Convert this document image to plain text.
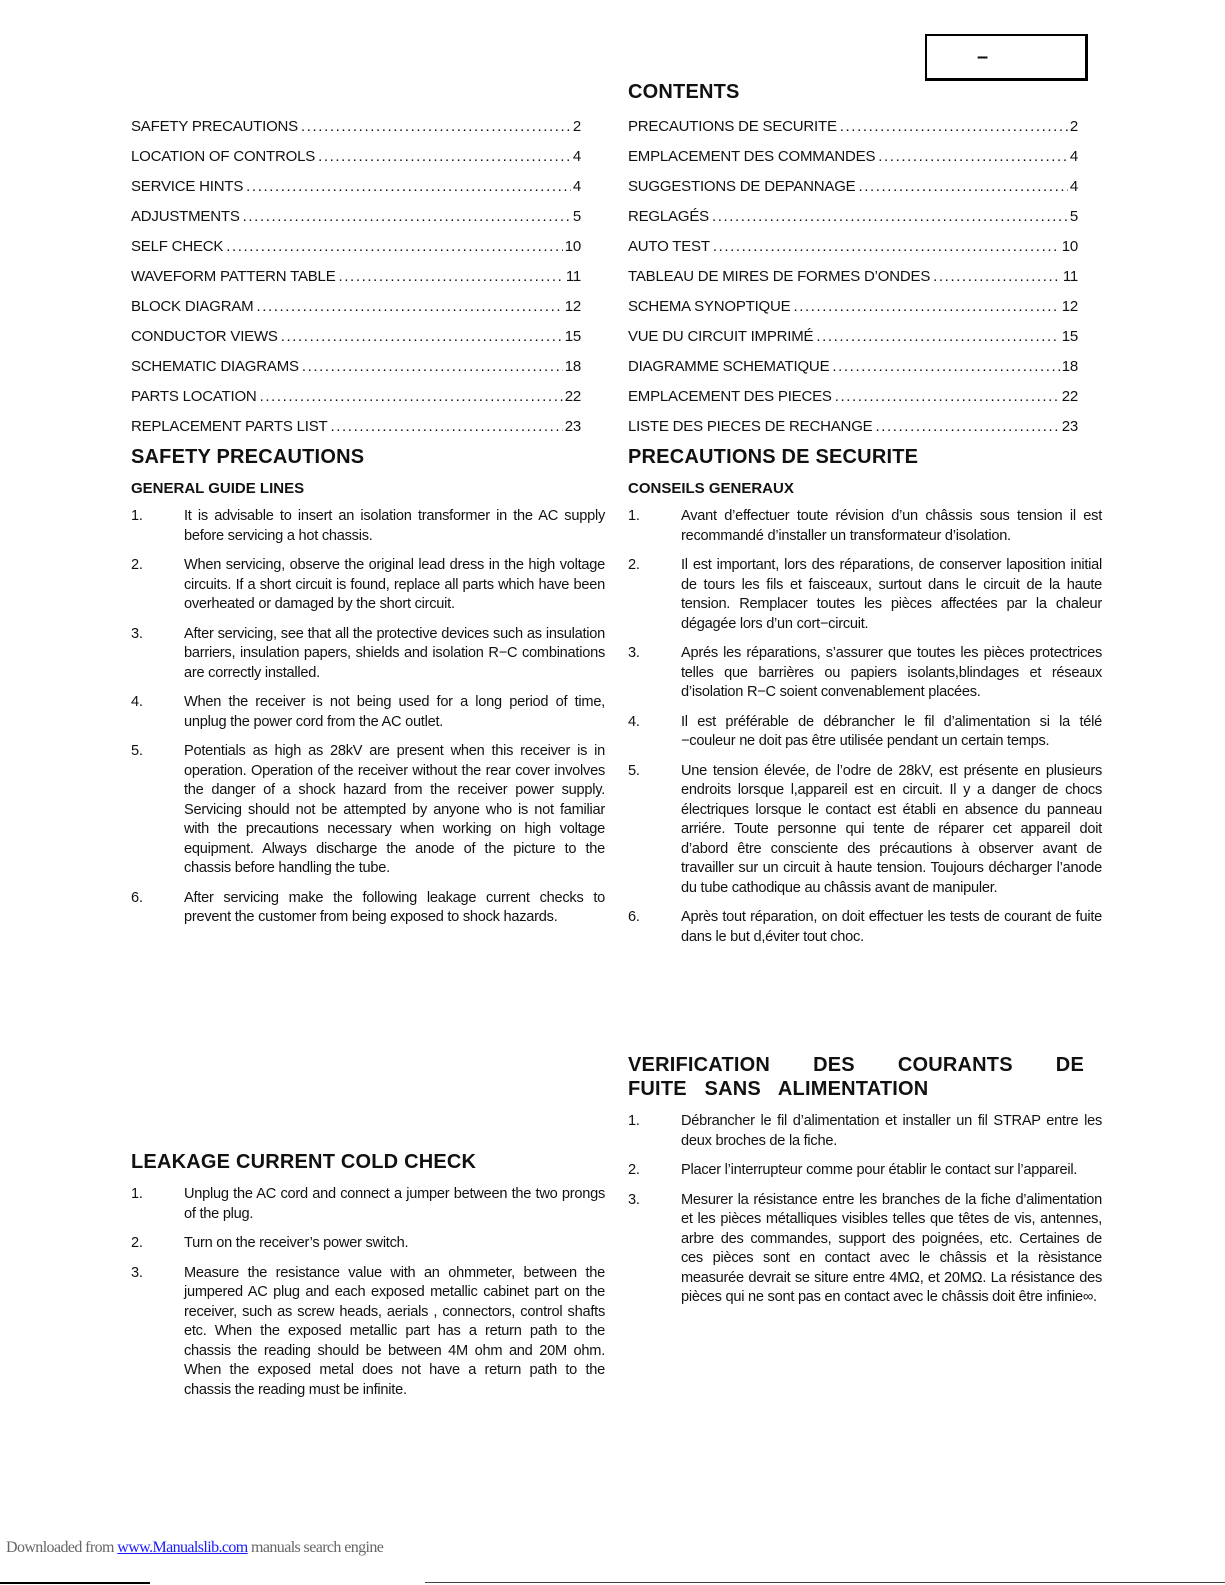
–
CONTENTS
SAFETY PRECAUTIONS .....	2
LOCATION OF CONTROLS .....	4
SERVICE HINTS .....	4
ADJUSTMENTS .....	5
SELF CHECK .....	10
WAVEFORM PATTERN TABLE .....	11
BLOCK DIAGRAM .....	12
CONDUCTOR VIEWS .....	15
SCHEMATIC DIAGRAMS .....	18
PARTS LOCATION .....	22
REPLACEMENT PARTS LIST .....	23
PRECAUTIONS DE SECURITE .....	2
EMPLACEMENT DES COMMANDES .....	4
SUGGESTIONS DE DEPANNAGE .....	4
REGLAGÉS .....	5
AUTO TEST .....	10
TABLEAU DE MIRES DE FORMES D’ONDES .....	11
SCHEMA SYNOPTIQUE .....	12
VUE DU CIRCUIT IMPRIMÉ .....	15
DIAGRAMME SCHEMATIQUE .....	18
EMPLACEMENT DES PIECES .....	22
LISTE DES PIECES DE RECHANGE .....	23
SAFETY PRECAUTIONS
GENERAL GUIDE LINES
1.	It is advisable to insert an isolation transformer in the AC supply before servicing a hot chassis.
2.	When servicing, observe the original lead dress in the high voltage circuits. If a short circuit is found, replace all parts which have been overheated or damaged by the short circuit.
3.	After servicing, see that all the protective devices such as insulation barriers, insulation papers, shields and isolation R−C combinations are correctly installed.
4.	When the receiver is not being used for a long period of time, unplug the power cord from the AC outlet.
5.	Potentials as high as 28kV are present when this receiver is in operation. Operation of the receiver without the rear cover involves the danger of a shock hazard from the receiver power supply. Servicing should not be attempted by anyone who is not familiar with the precautions necessary when working on high voltage equipment. Always discharge the anode of the picture to the chassis before handling the tube.
6.	After servicing make the following leakage current checks to prevent the customer from being exposed to shock hazards.
LEAKAGE CURRENT COLD CHECK
1.	Unplug the AC cord and connect a jumper between the two prongs of the plug.
2.	Turn on the receiver’s power switch.
3.	Measure the resistance value with an ohmmeter, between the jumpered AC plug and each exposed metallic cabinet part on the receiver, such as screw heads, aerials , connectors, control shafts etc. When the exposed metallic part has a return path to the chassis the reading should be between 4M ohm and 20M ohm. When the exposed metal does not have a return path to the chassis the reading must be infinite.
PRECAUTIONS DE SECURITE
CONSEILS GENERAUX
1.	Avant d’effectuer toute révision d’un châssis sous tension il est recommandé d’installer un transformateur d’isolation.
2.	Il est important, lors des réparations, de conserver laposition initial de tours les fils et faisceaux, surtout dans le circuit de la haute tension. Remplacer toutes les pièces affectées par la chaleur dégagée lors d’un cort−circuit.
3.	Aprés les réparations, s’assurer que toutes les pièces protectrices telles que barrières ou papiers isolants,blindages et réseaux d’isolation R−C soient convenablement placées.
4.	Il est préférable de débrancher le fil d’alimentation si la télé −couleur ne doit pas être utilisée pendant un certain temps.
5.	Une tension élevée, de l’odre de 28kV, est présente en plusieurs endroits lorsque l,appareil est en circuit. Il y a danger de chocs électriques lorsque le contact est établi en absence du panneau arriére. Toute personne qui tente de réparer cet appareil doit d’abord être consciente des précautions à observer avant de travailler sur un circuit à haute tension. Toujours décharger l’anode du tube cathodique au châssis avant de manipuler.
6.	Après tout réparation, on doit effectuer les tests de courant de fuite dans le but d,éviter tout choc.
VERIFICATION DES COURANTS DE FUITE SANS ALIMENTATION
1.	Débrancher le fil d’alimentation et installer un fil STRAP entre les deux broches de la fiche.
2.	Placer l’interrupteur comme pour établir le contact sur l’appareil.
3.	Mesurer la résistance entre les branches de la fiche d’alimentation et les pièces métalliques visibles telles que têtes de vis, antennes, arbre des commandes, support des poignées, etc. Certaines de ces pièces sont en contact avec le châssis et la rèsistance measurée devrait se siture entre 4MΩ, et 20MΩ. La résistance des pièces qui ne sont pas en contact avec le châssis doit être infinie∞.
Downloaded from www.Manualslib.com manuals search engine
